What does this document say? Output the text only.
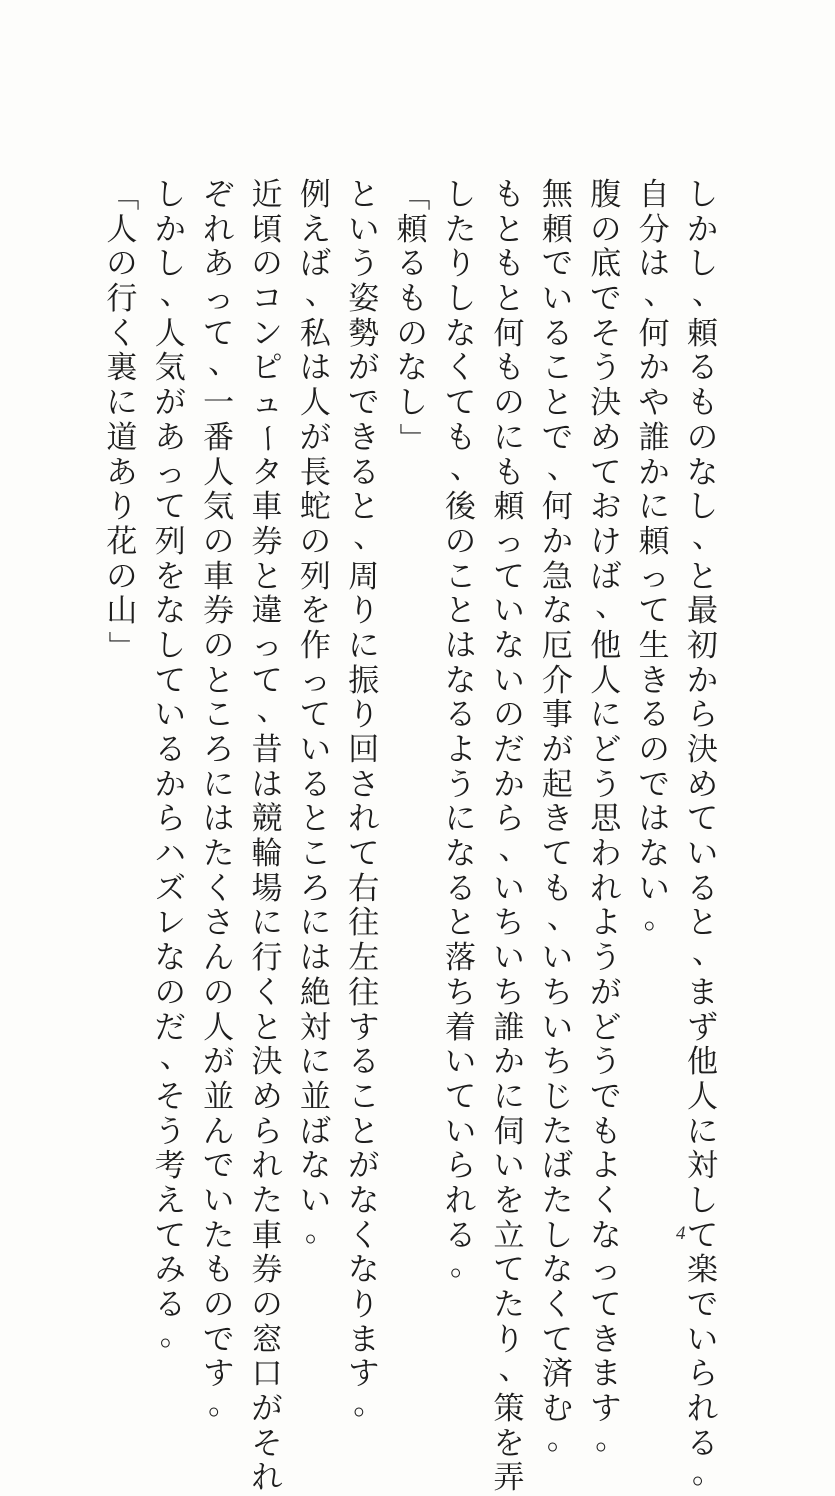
し
か
し
、
頼
る
も
の
な
し
、
と
最
初
か
ら
決
め
て
い
る
と
、
ま
ず
他
人
に
対
し
て
楽
で
い
ら
れ
る
。
自
分
は
、
何
か
や
誰
か
に
頼
っ
て
生
き
る
の
で
は
な
い
。
腹
の
底
で
そ
う
決
め
て
お
け
ば
、
他
人
に
ど
う
思
わ
れ
よ
う
が
ど
う
で
も
よ
く
な
っ
て
き
ま
す
。
無
頼
で
い
る
こ
と
で
、
何
か
急
な
厄
介
事
が
起
き
て
も
、
い
ち
い
ち
じ
た
ば
た
し
な
く
て
済
む
。
も
と
も
と
何
も
の
に
も
頼
っ
て
い
な
い
の
だ
か
ら
、
い
ち
い
ち
誰
か
に
伺
い
を
立
て
た
り
、
策
を
弄
し
た
り
し
な
く
て
も
、
後
の
こ
と
は
な
る
よ
う
に
な
る
と
落
ち
着
い
て
い
ら
れ
る
。
「
頼
る
も
の
な
し
」
と
い
う
姿
勢
が
で
き
る
と
、
周
り
に
振
り
回
さ
れ
て
右
往
左
往
す
る
こ
と
が
な
く
な
り
ま
す
。
例
え
ば
、
私
は
人
が
長
蛇
の
列
を
作
っ
て
い
る
と
こ
ろ
に
は
絶
対
に
並
ば
な
い
。
近
頃
の
コ
ン
ピ
ュ
ー
タ
車
券
と
違
っ
て
、
昔
は
競
輪
場
に
行
く
と
決
め
ら
れ
た
車
券
の
窓
口
が
そ
れ
ぞ
れ
あ
っ
て
、
一
番
人
気
の
車
券
の
と
こ
ろ
に
は
た
く
さ
ん
の
人
が
並
ん
で
い
た
も
の
で
す
。
し
か
し
、
人
気
が
あ
っ
て
列
を
な
し
て
い
る
か
ら
ハ
ズ
レ
な
の
だ
、
そ
う
考
え
て
み
る
。
「
人
の
行
く
裏
に
道
あ
り
花
の
山
」
4
